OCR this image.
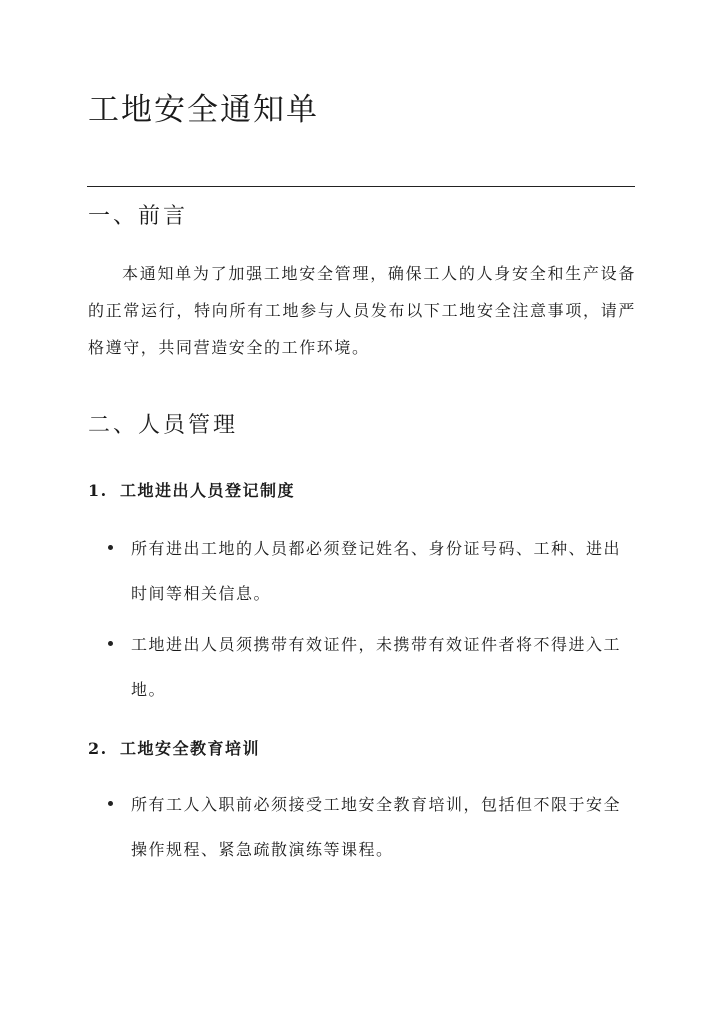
工地安全通知单
一、前言

本通知单为了加强工地安全管理，确保工人的人身安全和生产设备的正常运行，特向所有工地参与人员发布以下工地安全注意事项，请严格遵守，共同营造安全的工作环境。

二、人员管理
1. 工地进出人员登记制度
所有进出工地的人员都必须登记姓名、身份证号码、工种、进出时间等相关信息。
工地进出人员须携带有效证件，未携带有效证件者将不得进入工地。
2. 工地安全教育培训
所有工人入职前必须接受工地安全教育培训，包括但不限于安全操作规程、紧急疏散演练等课程。
